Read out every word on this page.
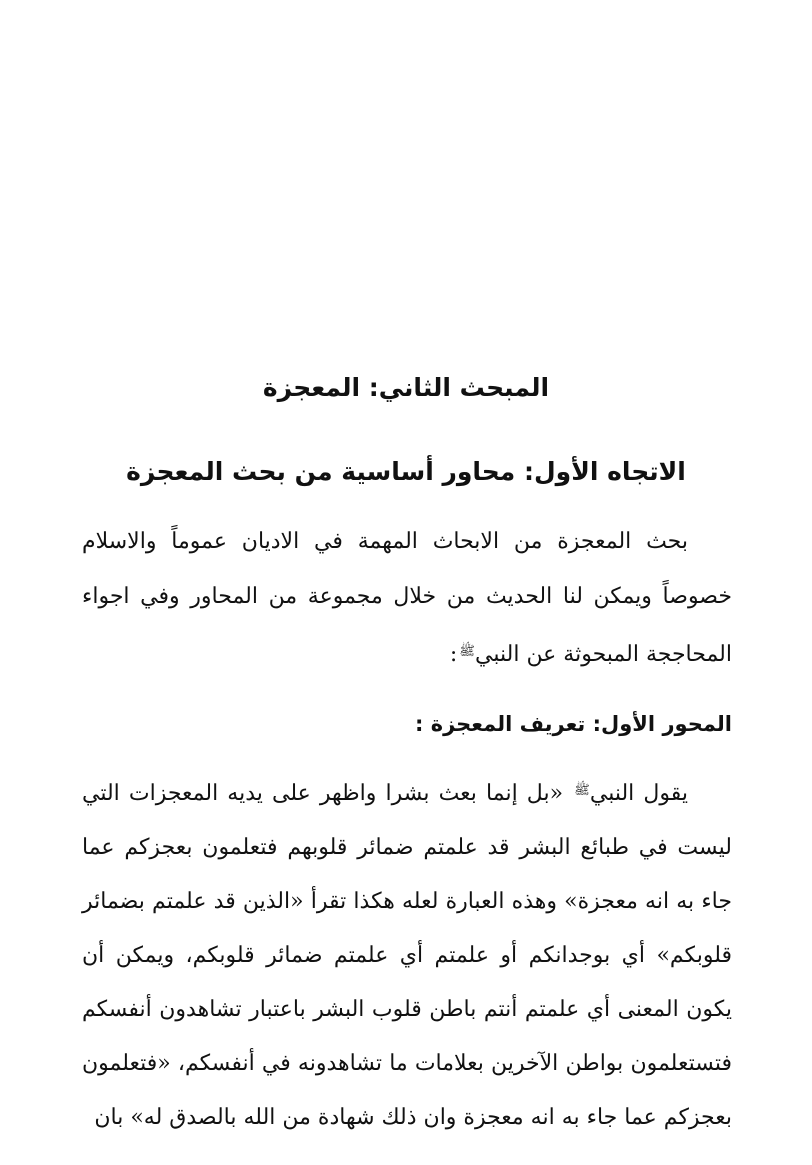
المبحث الثاني: المعجزة
الاتجاه الأول: محاور أساسية من بحث المعجزة

بحث المعجزة من الابحاث المهمة في الاديان عموماً والاسلام خصوصاً ويمكن لنا الحديث من خلال مجموعة من المحاور وفي اجواء المحاججة المبحوثة عن النبي$^ﷺ$:

المحور الأول: تعريف المعجزة :

يقول النبي$^ﷺ$ «بل إنما بعث بشرا واظهر على يديه المعجزات التي ليست في طبائع البشر قد علمتم ضمائر قلوبهم فتعلمون بعجزكم عما جاء به انه معجزة» وهذه العبارة لعله هكذا تقرأ «الذين قد علمتم بضمائر قلوبكم» أي بوجدانكم أو علمتم أي علمتم ضمائر قلوبكم، ويمكن أن يكون المعنى أي علمتم أنتم باطن قلوب البشر باعتبار تشاهدون أنفسكم فتستعلمون بواطن الآخرين بعلامات ما تشاهدونه في أنفسكم، «فتعلمون بعجزكم عما جاء به انه معجزة وان ذلك شهادة من الله بالصدق له» بان
